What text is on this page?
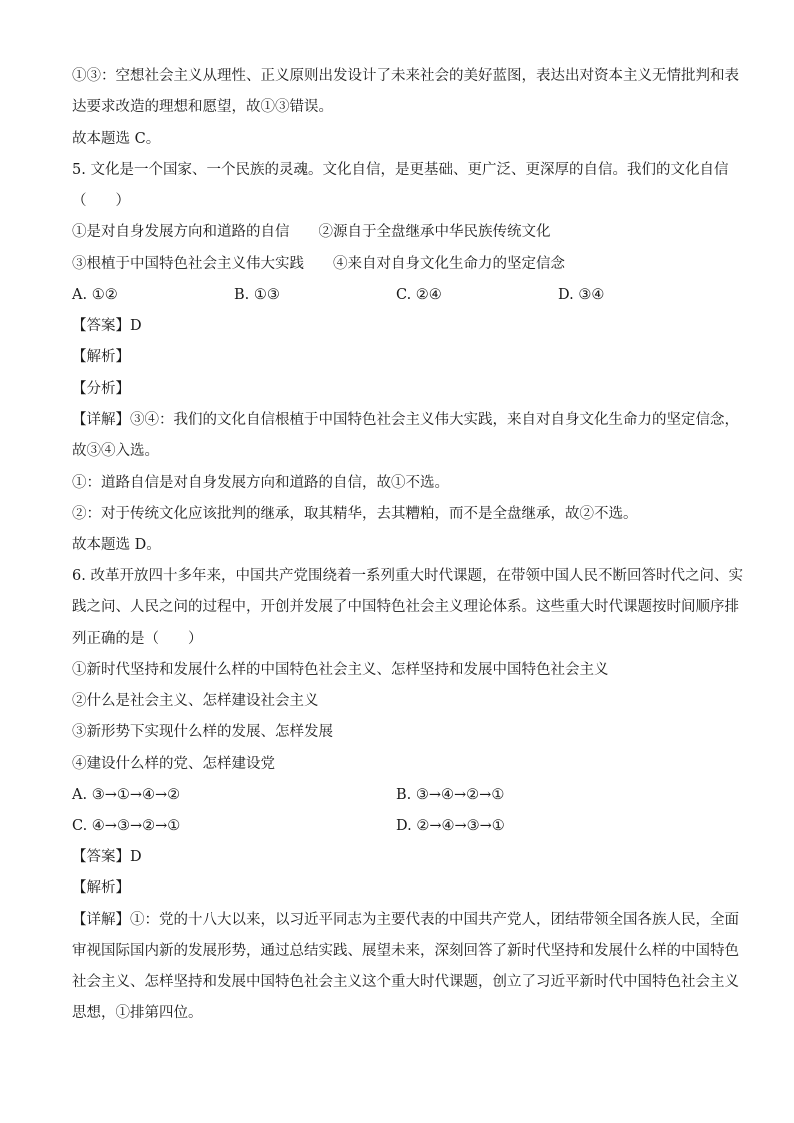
①③：空想社会主义从理性、正义原则出发设计了未来社会的美好蓝图，表达出对资本主义无情批判和表
达要求改造的理想和愿望，故①③错误。
故本题选 C。
5. 文化是一个国家、一个民族的灵魂。文化自信，是更基础、更广泛、更深厚的自信。我们的文化自信
（　　）
①是对自身发展方向和道路的自信　　②源自于全盘继承中华民族传统文化
③根植于中国特色社会主义伟大实践　　④来自对自身文化生命力的坚定信念
A. ①②	B. ①③	C. ②④	D. ③④
【答案】D
【解析】
【分析】
【详解】③④：我们的文化自信根植于中国特色社会主义伟大实践，来自对自身文化生命力的坚定信念，
故③④入选。
①：道路自信是对自身发展方向和道路的自信，故①不选。
②：对于传统文化应该批判的继承，取其精华，去其糟粕，而不是全盘继承，故②不选。
故本题选 D。
6. 改革开放四十多年来，中国共产党围绕着一系列重大时代课题，在带领中国人民不断回答时代之问、实
践之问、人民之问的过程中，开创并发展了中国特色社会主义理论体系。这些重大时代课题按时间顺序排
列正确的是（　　）
①新时代坚持和发展什么样的中国特色社会主义、怎样坚持和发展中国特色社会主义
②什么是社会主义、怎样建设社会主义
③新形势下实现什么样的发展、怎样发展
④建设什么样的党、怎样建设党
A. ③→①→④→②	B. ③→④→②→①
C. ④→③→②→①	D. ②→④→③→①
【答案】D
【解析】
【详解】①：党的十八大以来，以习近平同志为主要代表的中国共产党人，团结带领全国各族人民，全面
审视国际国内新的发展形势，通过总结实践、展望未来，深刻回答了新时代坚持和发展什么样的中国特色
社会主义、怎样坚持和发展中国特色社会主义这个重大时代课题，创立了习近平新时代中国特色社会主义
思想，①排第四位。
